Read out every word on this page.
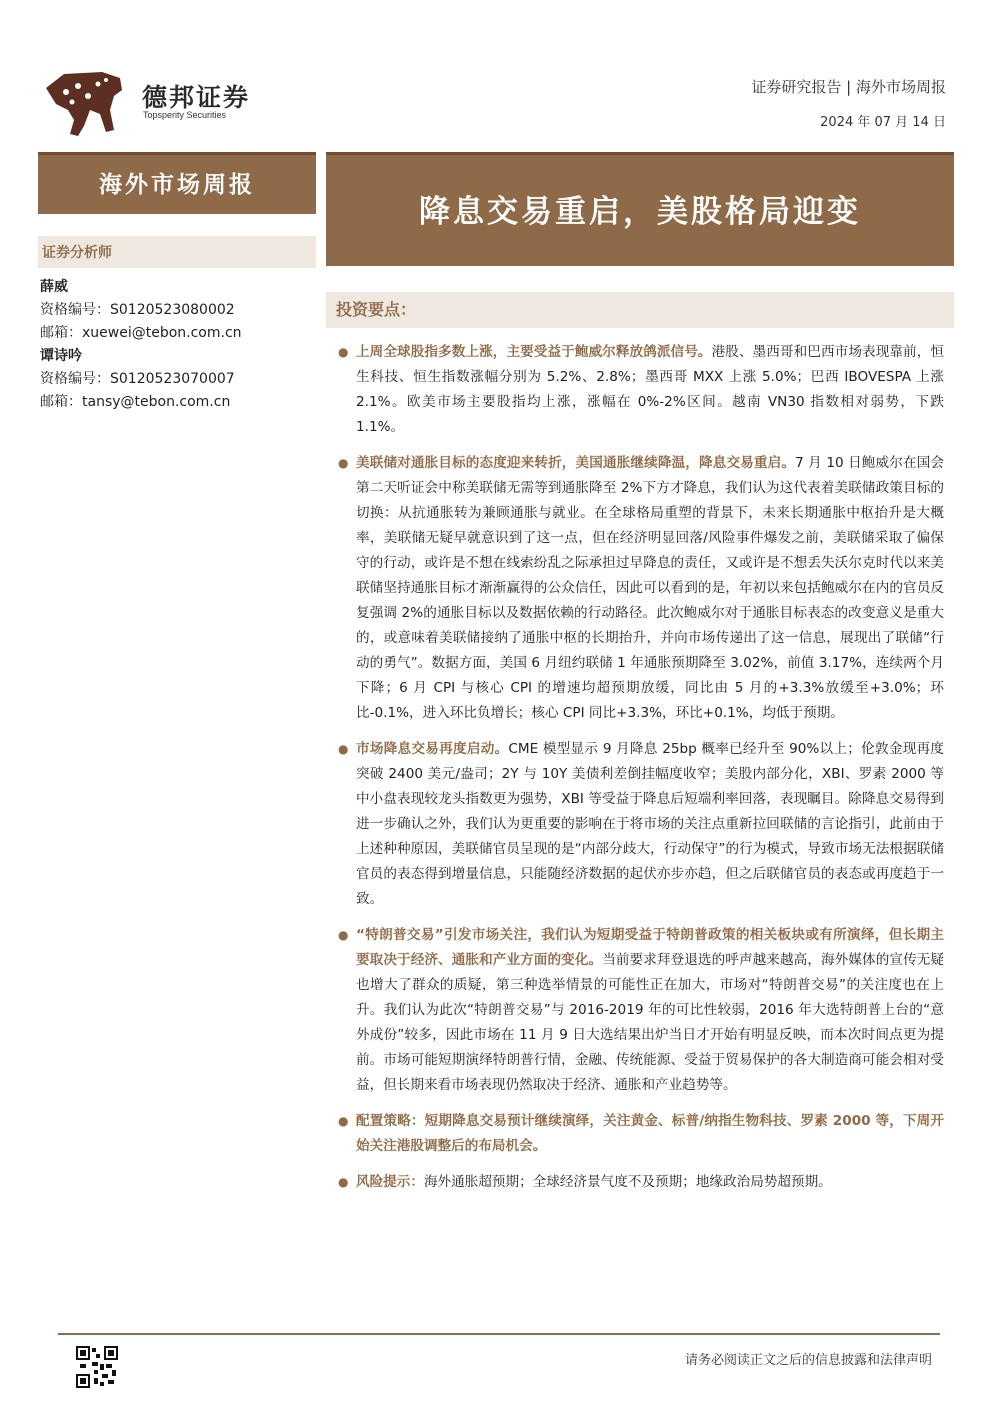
德邦证券
Topsperity Securities
证券研究报告 | 海外市场周报
2024 年 07 月 14 日
海外市场周报
降息交易重启，美股格局迎变
证券分析师
薛威
资格编号：S0120523080002
邮箱：xuewei@tebon.com.cn
谭诗吟
资格编号：S0120523070007
邮箱：tansy@tebon.com.cn
投资要点：
● 上周全球股指多数上涨，主要受益于鲍威尔释放鸽派信号。港股、墨西哥和巴西市场表现靠前，恒生科技、恒生指数涨幅分别为 5.2%、2.8%；墨西哥 MXX 上涨 5.0%；巴西 IBOVESPA 上涨 2.1%。欧美市场主要股指均上涨，涨幅在 0%-2%区间。越南 VN30 指数相对弱势，下跌 1.1%。
● 美联储对通胀目标的态度迎来转折，美国通胀继续降温，降息交易重启。7 月 10 日鲍威尔在国会第二天听证会中称美联储无需等到通胀降至 2%下方才降息，我们认为这代表着美联储政策目标的切换：从抗通胀转为兼顾通胀与就业。在全球格局重塑的背景下，未来长期通胀中枢抬升是大概率，美联储无疑早就意识到了这一点，但在经济明显回落/风险事件爆发之前，美联储采取了偏保守的行动，或许是不想在线索纷乱之际承担过早降息的责任，又或许是不想丢失沃尔克时代以来美联储坚持通胀目标才渐渐赢得的公众信任，因此可以看到的是，年初以来包括鲍威尔在内的官员反复强调 2%的通胀目标以及数据依赖的行动路径。此次鲍威尔对于通胀目标表态的改变意义是重大的，或意味着美联储接纳了通胀中枢的长期抬升，并向市场传递出了这一信息，展现出了联储“行动的勇气”。数据方面，美国 6 月纽约联储 1 年通胀预期降至 3.02%，前值 3.17%，连续两个月下降；6 月 CPI 与核心 CPI 的增速均超预期放缓，同比由 5 月的+3.3%放缓至+3.0%；环比-0.1%，进入环比负增长；核心 CPI 同比+3.3%，环比+0.1%，均低于预期。
● 市场降息交易再度启动。CME 模型显示 9 月降息 25bp 概率已经升至 90%以上；伦敦金现再度突破 2400 美元/盎司；2Y 与 10Y 美债利差倒挂幅度收窄；美股内部分化，XBI、罗素 2000 等中小盘表现较龙头指数更为强势，XBI 等受益于降息后短端利率回落，表现瞩目。除降息交易得到进一步确认之外，我们认为更重要的影响在于将市场的关注点重新拉回联储的言论指引，此前由于上述种种原因，美联储官员呈现的是“内部分歧大，行动保守”的行为模式，导致市场无法根据联储官员的表态得到增量信息，只能随经济数据的起伏亦步亦趋，但之后联储官员的表态或再度趋于一致。
● “特朗普交易”引发市场关注，我们认为短期受益于特朗普政策的相关板块或有所演绎，但长期主要取决于经济、通胀和产业方面的变化。当前要求拜登退选的呼声越来越高，海外媒体的宣传无疑也增大了群众的质疑，第三种选举情景的可能性正在加大，市场对“特朗普交易”的关注度也在上升。我们认为此次“特朗普交易”与 2016-2019 年的可比性较弱，2016 年大选特朗普上台的“意外成份”较多，因此市场在 11 月 9 日大选结果出炉当日才开始有明显反映，而本次时间点更为提前。市场可能短期演绎特朗普行情，金融、传统能源、受益于贸易保护的各大制造商可能会相对受益，但长期来看市场表现仍然取决于经济、通胀和产业趋势等。
● 配置策略：短期降息交易预计继续演绎，关注黄金、标普/纳指生物科技、罗素 2000 等，下周开始关注港股调整后的布局机会。
● 风险提示：海外通胀超预期；全球经济景气度不及预期；地缘政治局势超预期。
请务必阅读正文之后的信息披露和法律声明
